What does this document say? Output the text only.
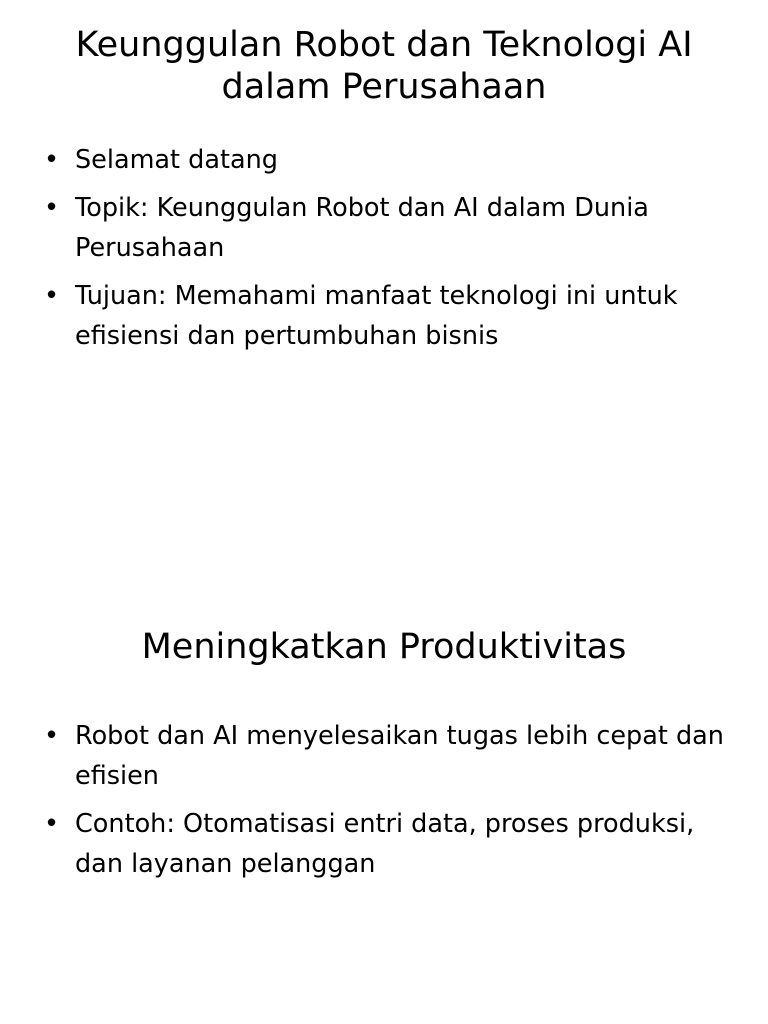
Keunggulan Robot dan Teknologi AI dalam Perusahaan
• Selamat datang
• Topik: Keunggulan Robot dan AI dalam Dunia Perusahaan
• Tujuan: Memahami manfaat teknologi ini untuk efisiensi dan pertumbuhan bisnis
Meningkatkan Produktivitas
• Robot dan AI menyelesaikan tugas lebih cepat dan efisien
• Contoh: Otomatisasi entri data, proses produksi, dan layanan pelanggan
